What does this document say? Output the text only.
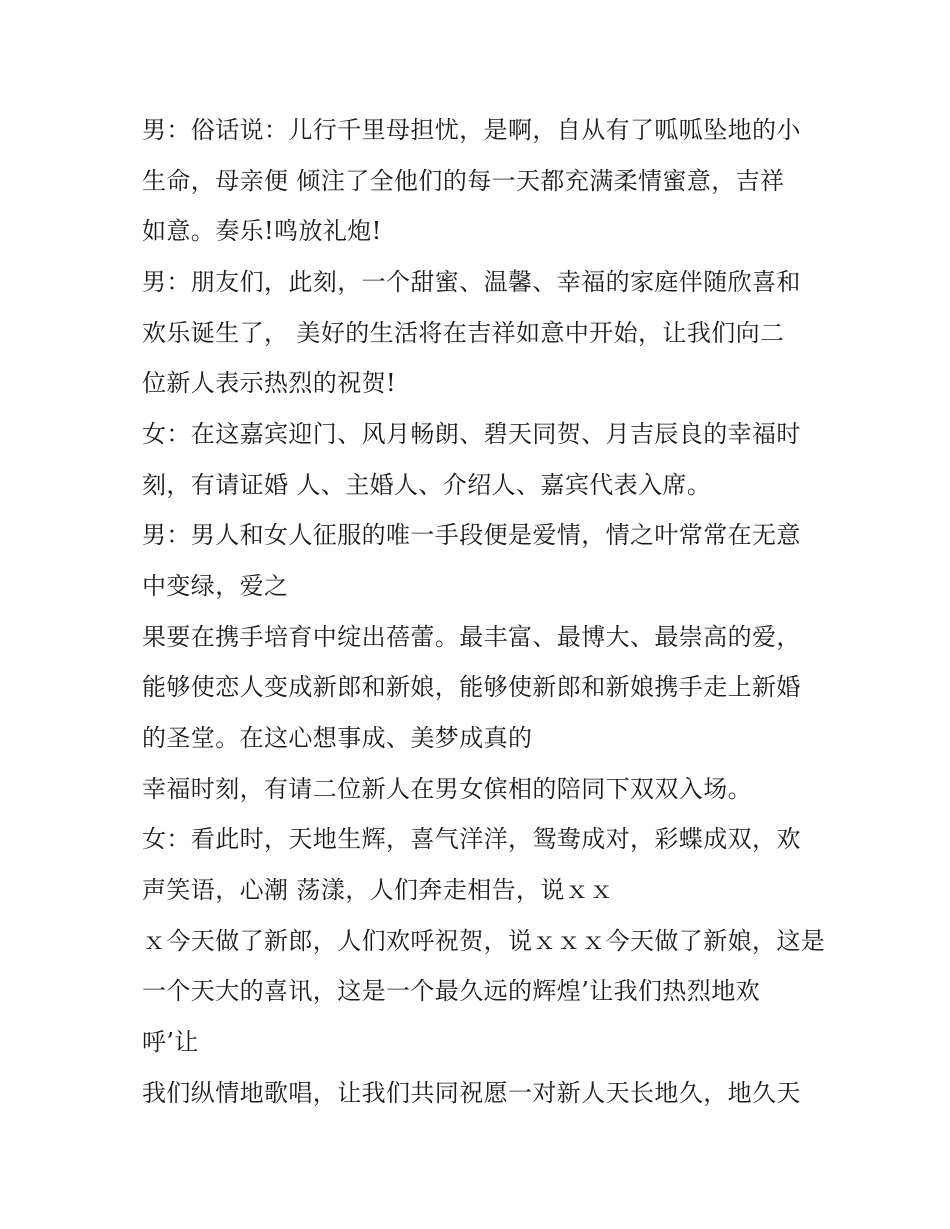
男：俗话说：儿行千里母担忧，是啊，自从有了呱呱坠地的小

生命，母亲便 倾注了全他们的每一天都充满柔情蜜意，吉祥

如意。奏乐!鸣放礼炮!

男：朋友们，此刻，一个甜蜜、温馨、幸福的家庭伴随欣喜和

欢乐诞生了， 美好的生活将在吉祥如意中开始，让我们向二

位新人表示热烈的祝贺!

女：在这嘉宾迎门、风月畅朗、碧天同贺、月吉辰良的幸福时

刻，有请证婚 人、主婚人、介绍人、嘉宾代表入席。

男：男人和女人征服的唯一手段便是爱情，情之叶常常在无意

中变绿，爱之

果要在携手培育中绽出蓓蕾。最丰富、最博大、最崇高的爱，

能够使恋人变成新郎和新娘，能够使新郎和新娘携手走上新婚

的圣堂。在这心想事成、美梦成真的

幸福时刻，有请二位新人在男女傧相的陪同下双双入场。

女：看此时，天地生辉，喜气洋洋，鸳鸯成对，彩蝶成双，欢

声笑语，心潮 荡漾，人们奔走相告，说ｘｘ

ｘ今天做了新郎，人们欢呼祝贺，说ｘｘｘ今天做了新娘，这是

一个天大的喜讯，这是一个最久远的辉煌’让我们热烈地欢

呼’让

我们纵情地歌唱，让我们共同祝愿一对新人天长地久，地久天
